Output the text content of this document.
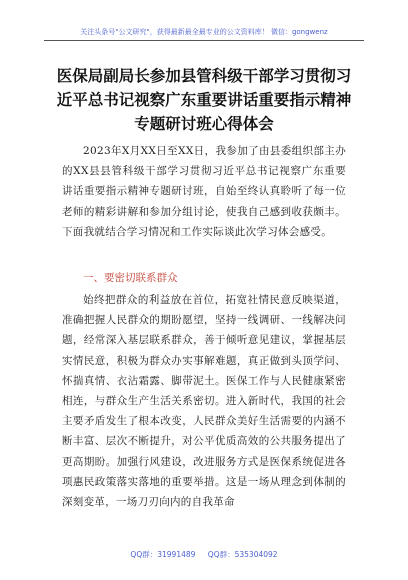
关注头条号"公文研究"，获得最新最全最专业的公文资料库！ 微信：gongwenz
医保局副局长参加县管科级干部学习贯彻习近平总书记视察广东重要讲话重要指示精神专题研讨班心得体会

2023年X月XX日至XX日，我参加了由县委组织部主办的XX县县管科级干部学习贯彻习近平总书记视察广东重要讲话重要指示精神专题研讨班，自始至终认真聆听了每一位老师的精彩讲解和参加分组讨论，使我自己感到收获颇丰。下面我就结合学习情况和工作实际谈此次学习体会感受。

一、要密切联系群众

始终把群众的利益放在首位，拓宽社情民意反映渠道，准确把握人民群众的期盼愿望，坚持一线调研、一线解决问题，经常深入基层联系群众，善于倾听意见建议，掌握基层实情民意，积极为群众办实事解难题，真正做到头顶学问、怀揣真情、衣沾霜露、脚带泥土。医保工作与人民健康紧密相连，与群众生产生活关系密切。进入新时代，我国的社会主要矛盾发生了根本改变，人民群众美好生活需要的内涵不断丰富、层次不断提升，对公平优质高效的公共服务提出了更高期盼。加强行风建设，改进服务方式是医保系统促进各项惠民政策落实落地的重要举措。这是一场从理念到体制的深刻变革，一场刀刃向内的自我革命

QQ群：31991489 QQ群：535304092
